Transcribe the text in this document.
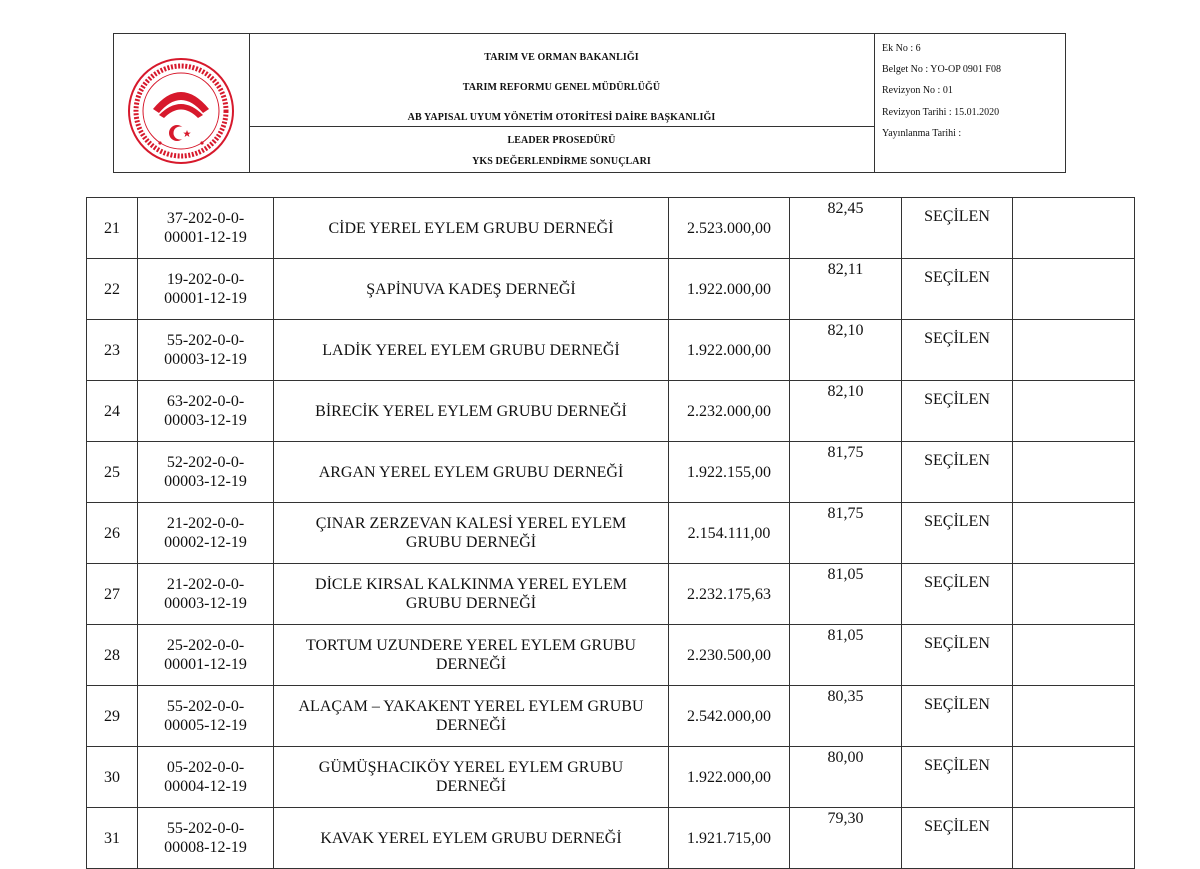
TARIM VE ORMAN BAKANLIĞI
TARIM REFORMU GENEL MÜDÜRLÜĞÜ
AB YAPISAL UYUM YÖNETİM OTORİTESİ DAİRE BAŞKANLIĞI
LEADER PROSEDÜRÜ
YKS DEĞERLENDİRME SONUÇLARI
Ek No : 6
Belget No : YO-OP 0901 F08
Revizyon No : 01
Revizyon Tarihi : 15.01.2020
Yayınlanma Tarihi :
21	37-202-0-0-
00001-12-19	CİDE YEREL EYLEM GRUBU DERNEĞİ	2.523.000,00	82,45	SEÇİLEN	
22	19-202-0-0-
00001-12-19	ŞAPİNUVA KADEŞ DERNEĞİ	1.922.000,00	82,11	SEÇİLEN	
23	55-202-0-0-
00003-12-19	LADİK YEREL EYLEM GRUBU DERNEĞİ	1.922.000,00	82,10	SEÇİLEN	
24	63-202-0-0-
00003-12-19	BİRECİK YEREL EYLEM GRUBU DERNEĞİ	2.232.000,00	82,10	SEÇİLEN	
25	52-202-0-0-
00003-12-19	ARGAN YEREL EYLEM GRUBU DERNEĞİ	1.922.155,00	81,75	SEÇİLEN	
26	21-202-0-0-
00002-12-19	ÇINAR ZERZEVAN KALESİ YEREL EYLEM
GRUBU DERNEĞİ	2.154.111,00	81,75	SEÇİLEN	
27	21-202-0-0-
00003-12-19	DİCLE KIRSAL KALKINMA YEREL EYLEM
GRUBU DERNEĞİ	2.232.175,63	81,05	SEÇİLEN	
28	25-202-0-0-
00001-12-19	TORTUM UZUNDERE YEREL EYLEM GRUBU
DERNEĞİ	2.230.500,00	81,05	SEÇİLEN	
29	55-202-0-0-
00005-12-19	ALAÇAM – YAKAKENT YEREL EYLEM GRUBU
DERNEĞİ	2.542.000,00	80,35	SEÇİLEN	
30	05-202-0-0-
00004-12-19	GÜMÜŞHACIKÖY YEREL EYLEM GRUBU
DERNEĞİ	1.922.000,00	80,00	SEÇİLEN	
31	55-202-0-0-
00008-12-19	KAVAK YEREL EYLEM GRUBU DERNEĞİ	1.921.715,00	79,30	SEÇİLEN	
